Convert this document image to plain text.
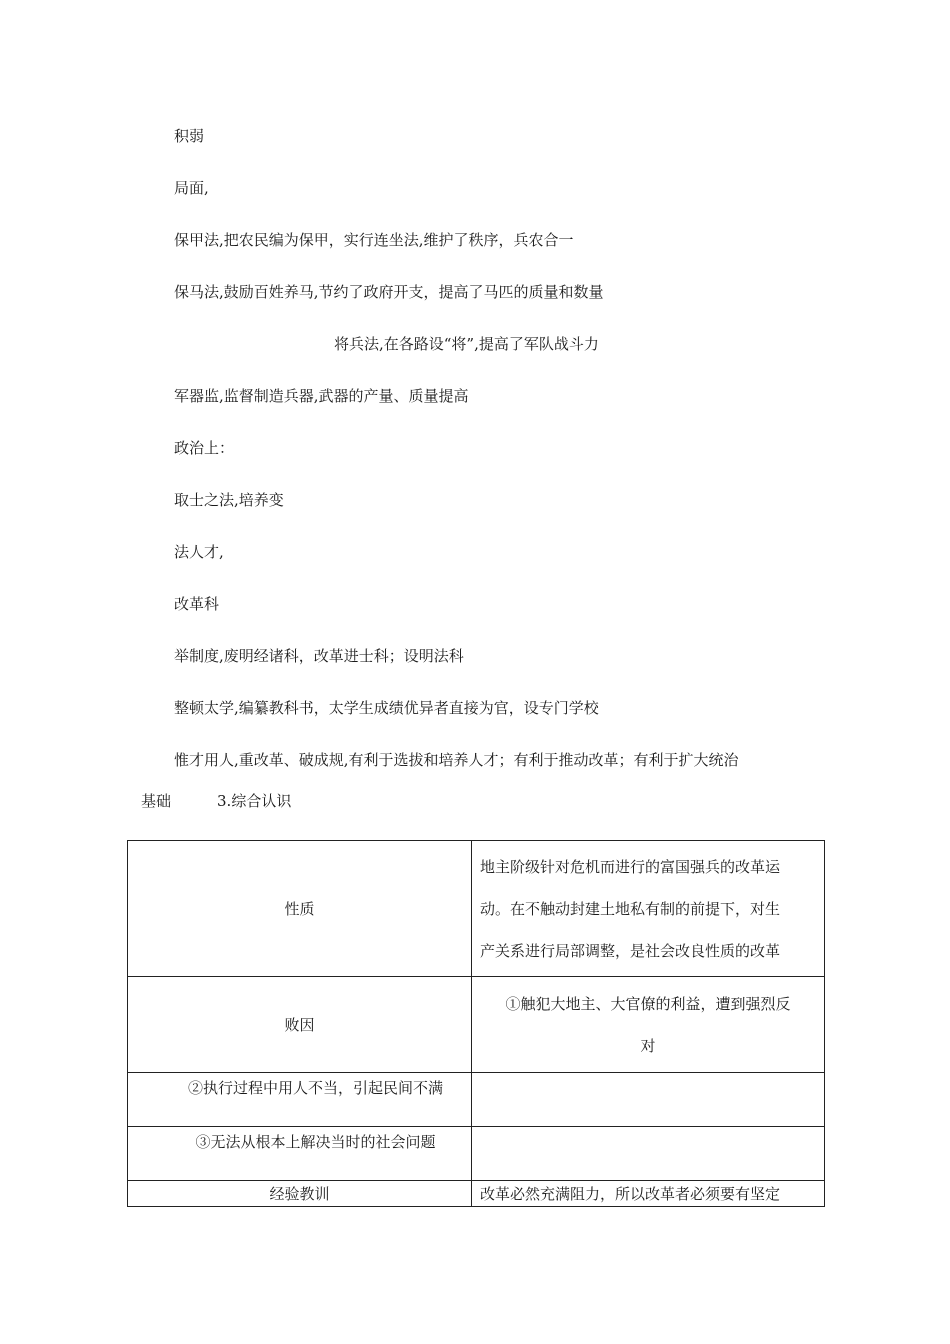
积弱
局面,
保甲法,把农民编为保甲，实行连坐法,维护了秩序，兵农合一
保马法,鼓励百姓养马,节约了政府开支，提高了马匹的质量和数量
将兵法,在各路设“将”,提高了军队战斗力
军器监,监督制造兵器,武器的产量、质量提高
政治上：
取士之法,培养变
法人才,
改革科
举制度,废明经诸科，改革进士科；设明法科
整顿太学,编纂教科书，太学生成绩优异者直接为官，设专门学校
惟才用人,重改革、破成规,有利于选拔和培养人才；有利于推动改革；有利于扩大统治
基础	3.综合认识
性质	地主阶级针对危机而进行的富国强兵的改革运
动。在不触动封建土地私有制的前提下，对生
产关系进行局部调整，是社会改良性质的改革

败因	①触犯大地主、大官僚的利益，遭到强烈反
对

②执行过程中用人不当，引起民间不满	

③无法从根本上解决当时的社会问题	

经验教训	改革必然充满阻力，所以改革者必须要有坚定
